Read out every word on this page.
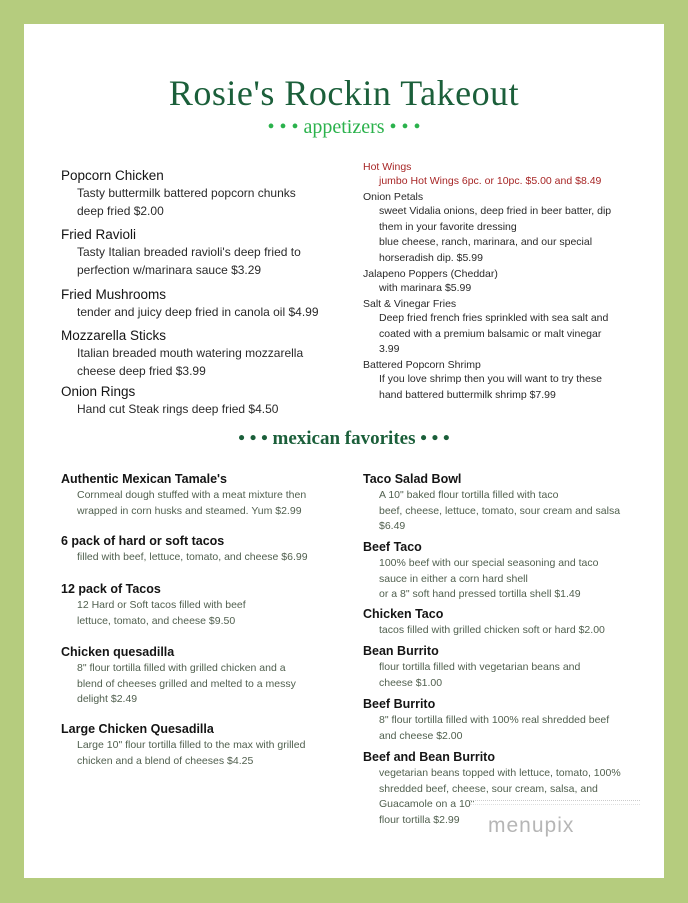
Rosie's Rockin Takeout
• • • appetizers • • •
Popcorn Chicken
Tasty buttermilk battered popcorn chunks
deep fried $2.00
Fried Ravioli
Tasty Italian breaded ravioli's deep fried to
perfection w/marinara sauce $3.29
Fried Mushrooms
tender and juicy deep fried in canola oil $4.99
Mozzarella Sticks
Italian breaded mouth watering mozzarella
cheese deep fried $3.99
Onion Rings
Hand cut Steak rings deep fried $4.50
Hot Wings
jumbo Hot Wings 6pc. or 10pc. $5.00 and $8.49
Onion Petals
sweet Vidalia onions, deep fried in beer batter, dip
them in your favorite dressing
blue cheese, ranch, marinara, and our special
horseradish dip. $5.99
Jalapeno Poppers (Cheddar)
with marinara $5.99
Salt & Vinegar Fries
Deep fried french fries sprinkled with sea salt and
coated with a premium balsamic or malt vinegar
3.99
Battered Popcorn Shrimp
If you love shrimp then you will want to try these
hand battered buttermilk shrimp $7.99
• • • mexican favorites • • •
Authentic Mexican Tamale's
Cornmeal dough stuffed with a meat mixture then
wrapped in corn husks and steamed. Yum $2.99
6 pack of hard or soft tacos
filled with beef, lettuce, tomato, and cheese $6.99
12 pack of Tacos
12 Hard or Soft tacos filled with beef
lettuce, tomato, and cheese $9.50
Chicken quesadilla
8" flour tortilla filled with grilled chicken and a
blend of cheeses grilled and melted to a messy
delight $2.49
Large Chicken Quesadilla
Large 10" flour tortilla filled to the max with grilled
chicken and a blend of cheeses $4.25
Taco Salad Bowl
A 10" baked flour tortilla filled with taco
beef, cheese, lettuce, tomato, sour cream and salsa
$6.49
Beef Taco
100% beef with our special seasoning and taco
sauce in either a corn hard shell
or a 8" soft hand pressed tortilla shell $1.49
Chicken Taco
tacos filled with grilled chicken soft or hard $2.00
Bean Burrito
flour tortilla filled with vegetarian beans and
cheese $1.00
Beef Burrito
8" flour tortilla filled with 100% real shredded beef
and cheese $2.00
Beef and Bean Burrito
vegetarian beans topped with lettuce, tomato, 100%
shredded beef, cheese, sour cream, salsa, and
Guacamole on a 10"
flour tortilla $2.99	menupix
